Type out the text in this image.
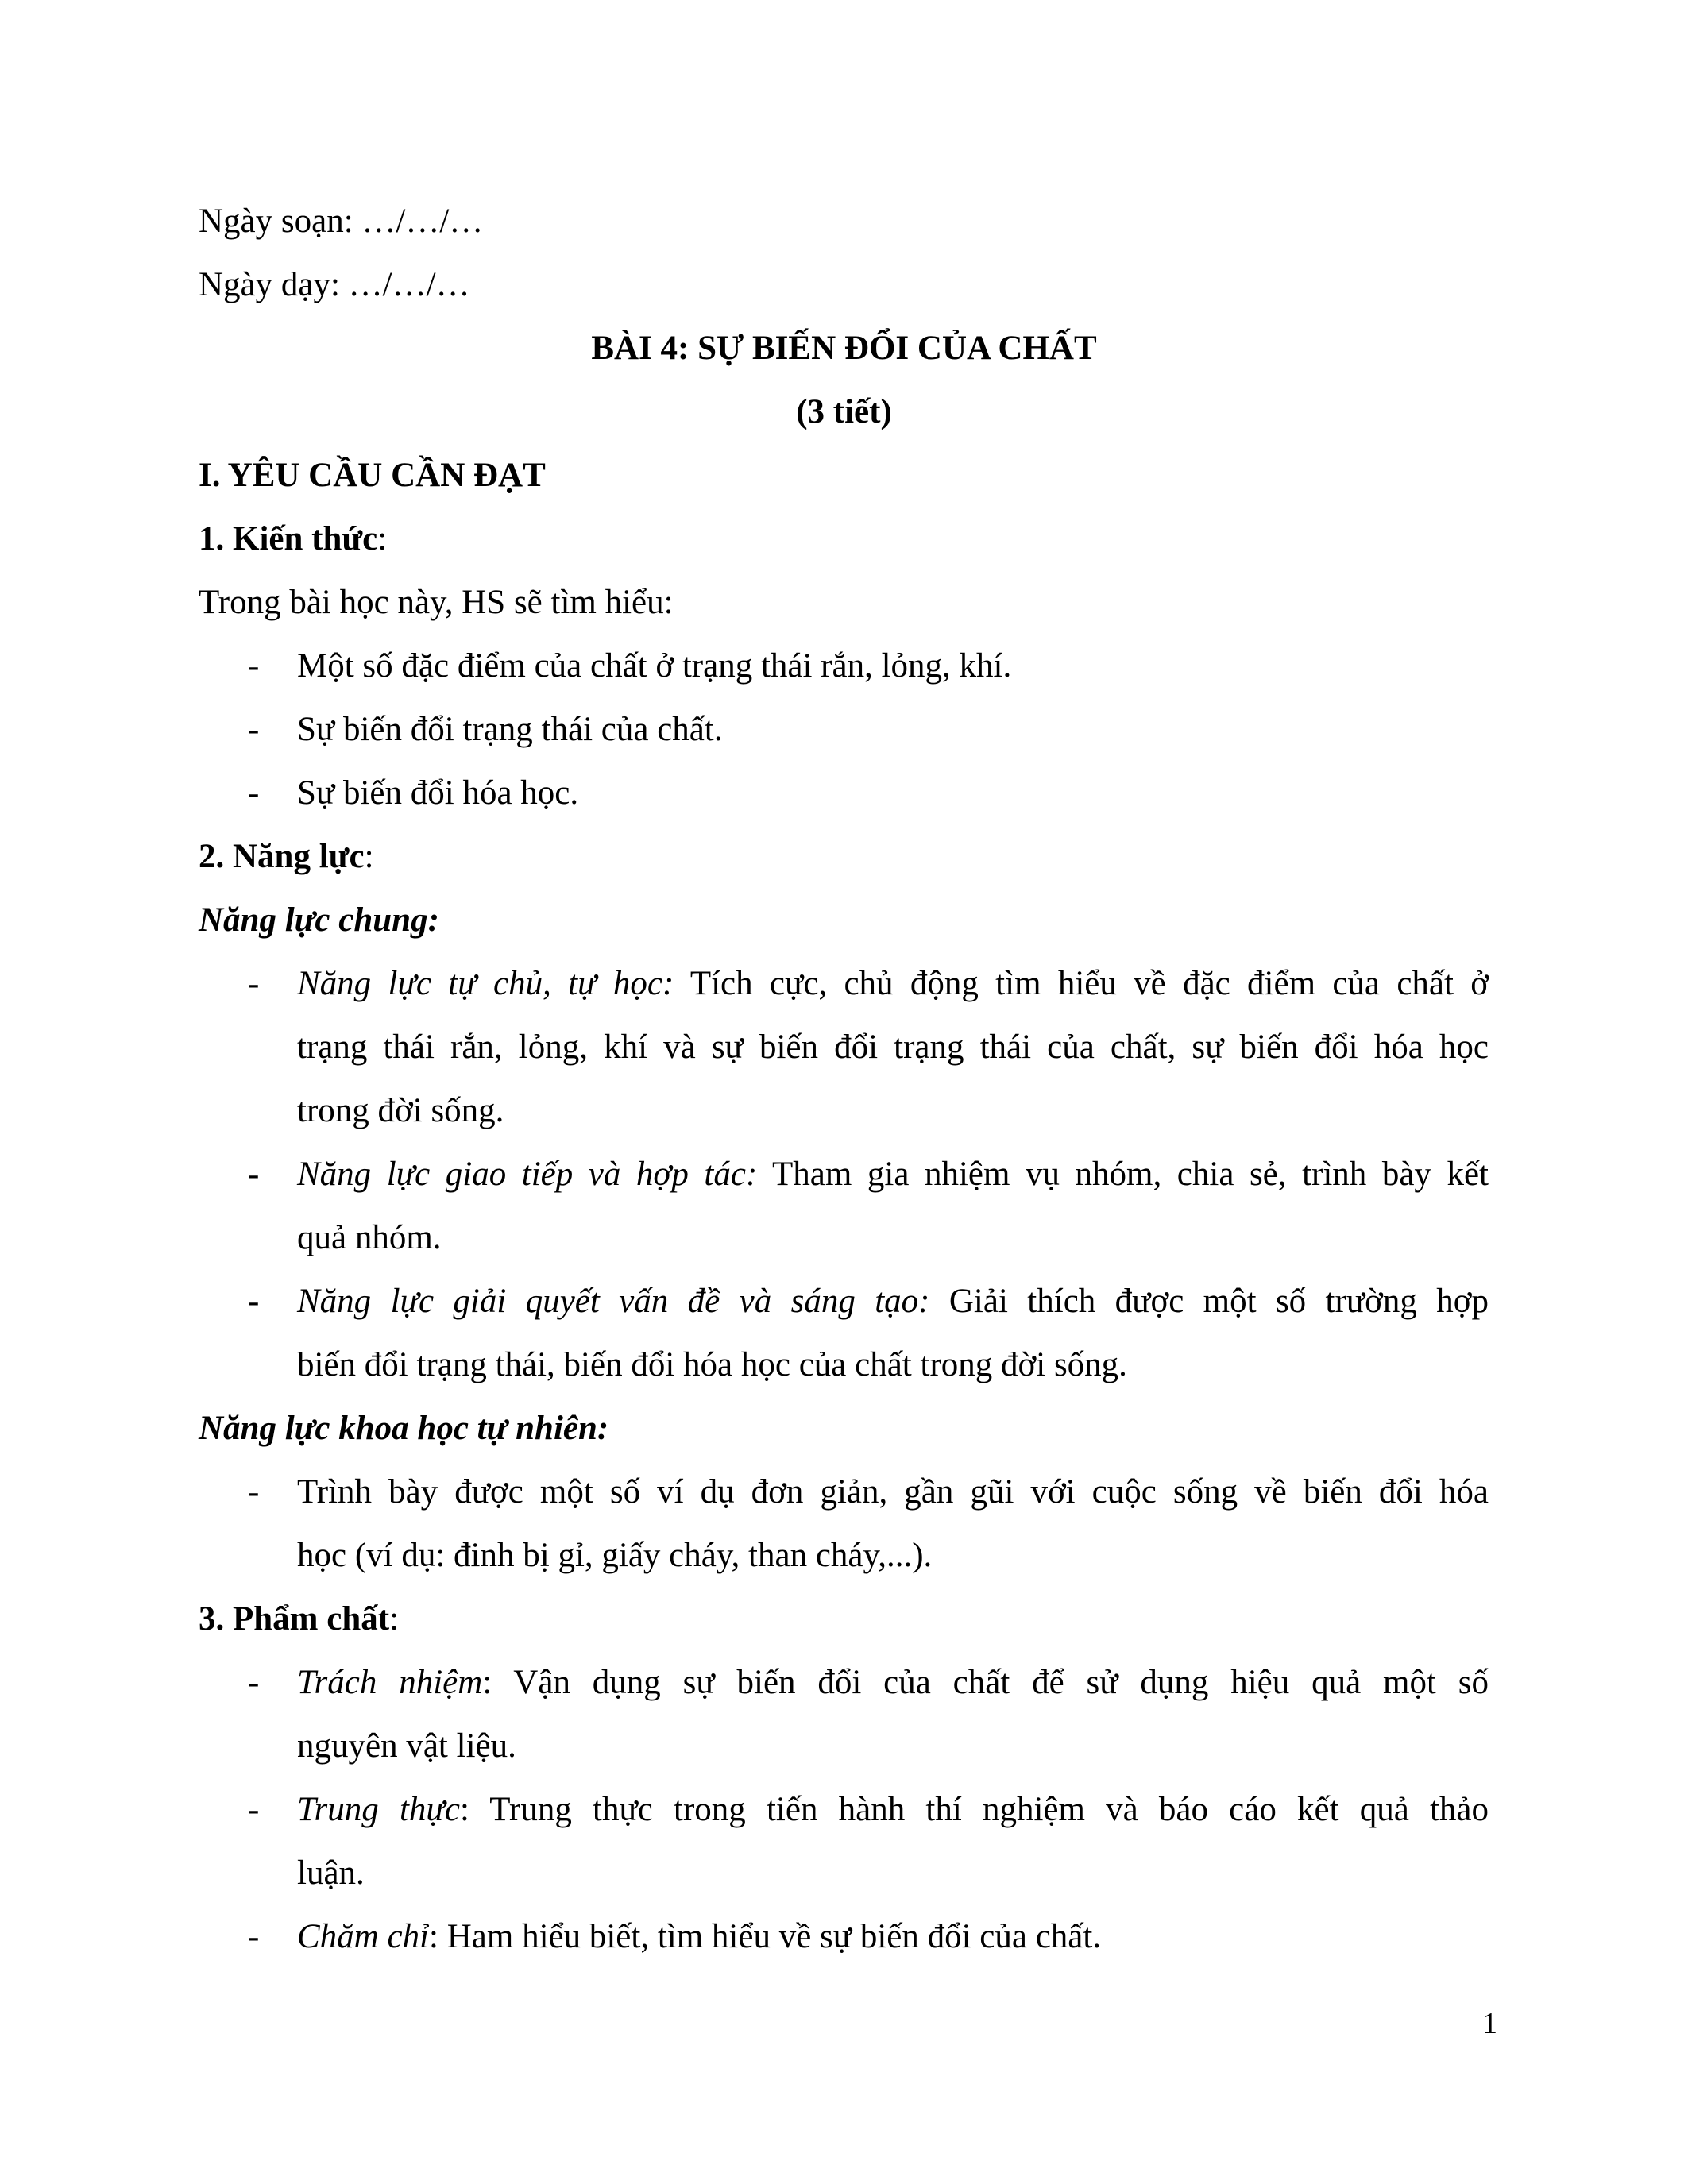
Ngày soạn: …/…/…
Ngày dạy: …/…/…
BÀI 4: SỰ BIẾN ĐỔI CỦA CHẤT
(3 tiết)
I. YÊU CẦU CẦN ĐẠT
1. Kiến thức:
Trong bài học này, HS sẽ tìm hiểu:
- Một số đặc điểm của chất ở trạng thái rắn, lỏng, khí.
- Sự biến đổi trạng thái của chất.
- Sự biến đổi hóa học.
2. Năng lực:
Năng lực chung:
- Năng lực tự chủ, tự học: Tích cực, chủ động tìm hiểu về đặc điểm của chất ở
trạng thái rắn, lỏng, khí và sự biến đổi trạng thái của chất, sự biến đổi hóa học
trong đời sống.
- Năng lực giao tiếp và hợp tác: Tham gia nhiệm vụ nhóm, chia sẻ, trình bày kết
quả nhóm.
- Năng lực giải quyết vấn đề và sáng tạo: Giải thích được một số trường hợp
biến đổi trạng thái, biến đổi hóa học của chất trong đời sống.
Năng lực khoa học tự nhiên:
- Trình bày được một số ví dụ đơn giản, gần gũi với cuộc sống về biến đổi hóa
học (ví dụ: đinh bị gỉ, giấy cháy, than cháy,...).
3. Phẩm chất:
- Trách nhiệm: Vận dụng sự biến đổi của chất để sử dụng hiệu quả một số
nguyên vật liệu.
- Trung thực: Trung thực trong tiến hành thí nghiệm và báo cáo kết quả thảo
luận.
- Chăm chỉ: Ham hiểu biết, tìm hiểu về sự biến đổi của chất.
1
